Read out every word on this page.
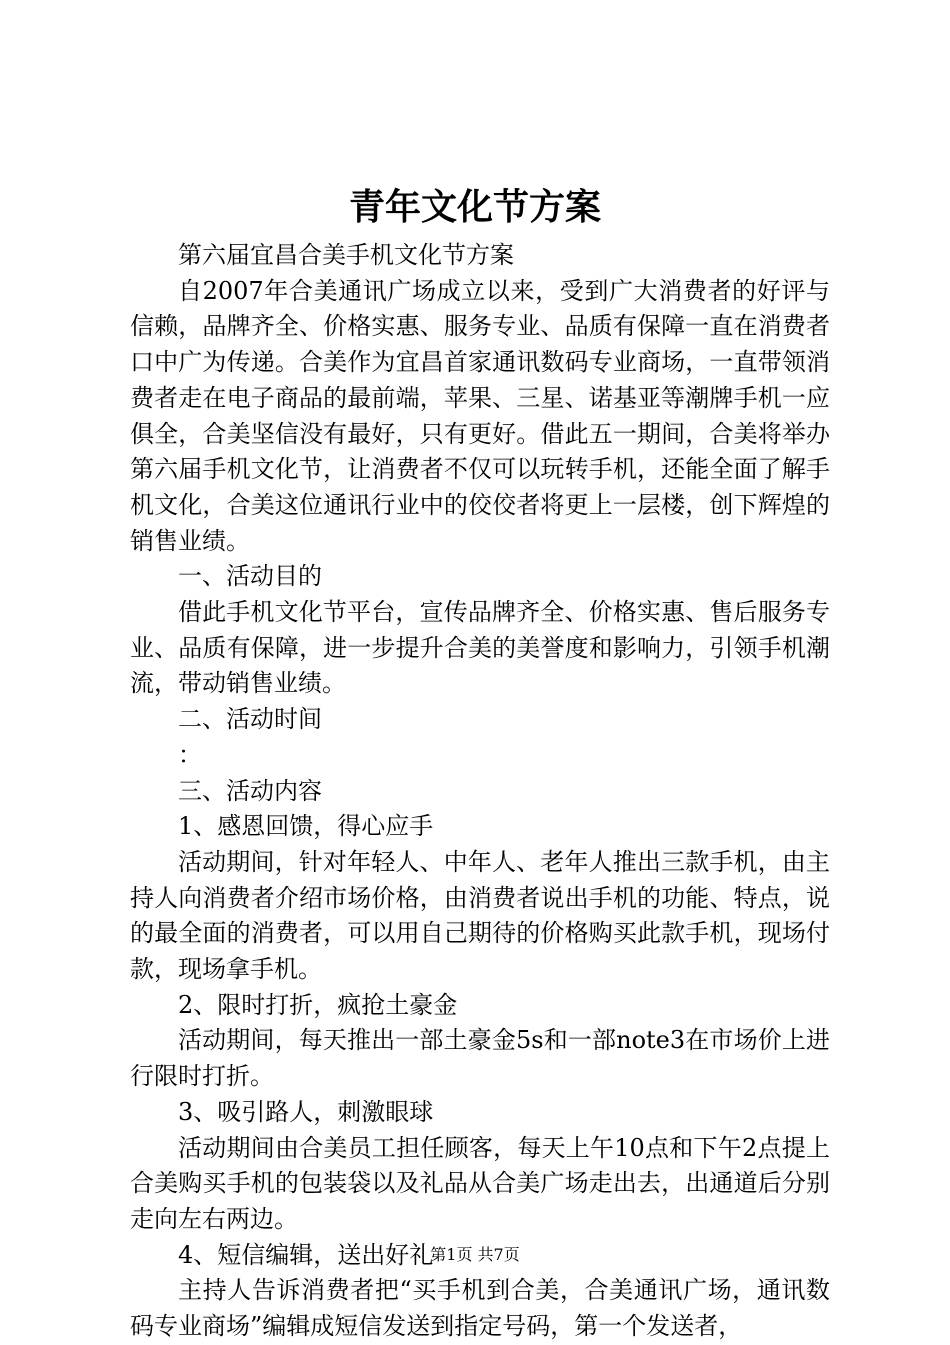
青年文化节方案

第六届宜昌合美手机文化节方案

自2007年合美通讯广场成立以来，受到广大消费者的好评与信赖，品牌齐全、价格实惠、服务专业、品质有保障一直在消费者口中广为传递。合美作为宜昌首家通讯数码专业商场，一直带领消费者走在电子商品的最前端，苹果、三星、诺基亚等潮牌手机一应俱全，合美坚信没有最好，只有更好。借此五一期间，合美将举办第六届手机文化节，让消费者不仅可以玩转手机，还能全面了解手机文化，合美这位通讯行业中的佼佼者将更上一层楼，创下辉煌的销售业绩。

一、活动目的

借此手机文化节平台，宣传品牌齐全、价格实惠、售后服务专业、品质有保障，进一步提升合美的美誉度和影响力，引领手机潮流，带动销售业绩。

二、活动时间

：

三、活动内容

1、感恩回馈，得心应手

活动期间，针对年轻人、中年人、老年人推出三款手机，由主持人向消费者介绍市场价格，由消费者说出手机的功能、特点，说的最全面的消费者，可以用自己期待的价格购买此款手机，现场付款，现场拿手机。

2、限时打折，疯抢土豪金

活动期间，每天推出一部土豪金5s和一部note3在市场价上进行限时打折。

3、吸引路人，刺激眼球

活动期间由合美员工担任顾客，每天上午10点和下午2点提上合美购买手机的包装袋以及礼品从合美广场走出去，出通道后分别走向左右两边。

4、短信编辑，送出好礼

主持人告诉消费者把“买手机到合美，合美通讯广场，通讯数码专业商场”编辑成短信发送到指定号码，第一个发送者，

第1页 共7页
